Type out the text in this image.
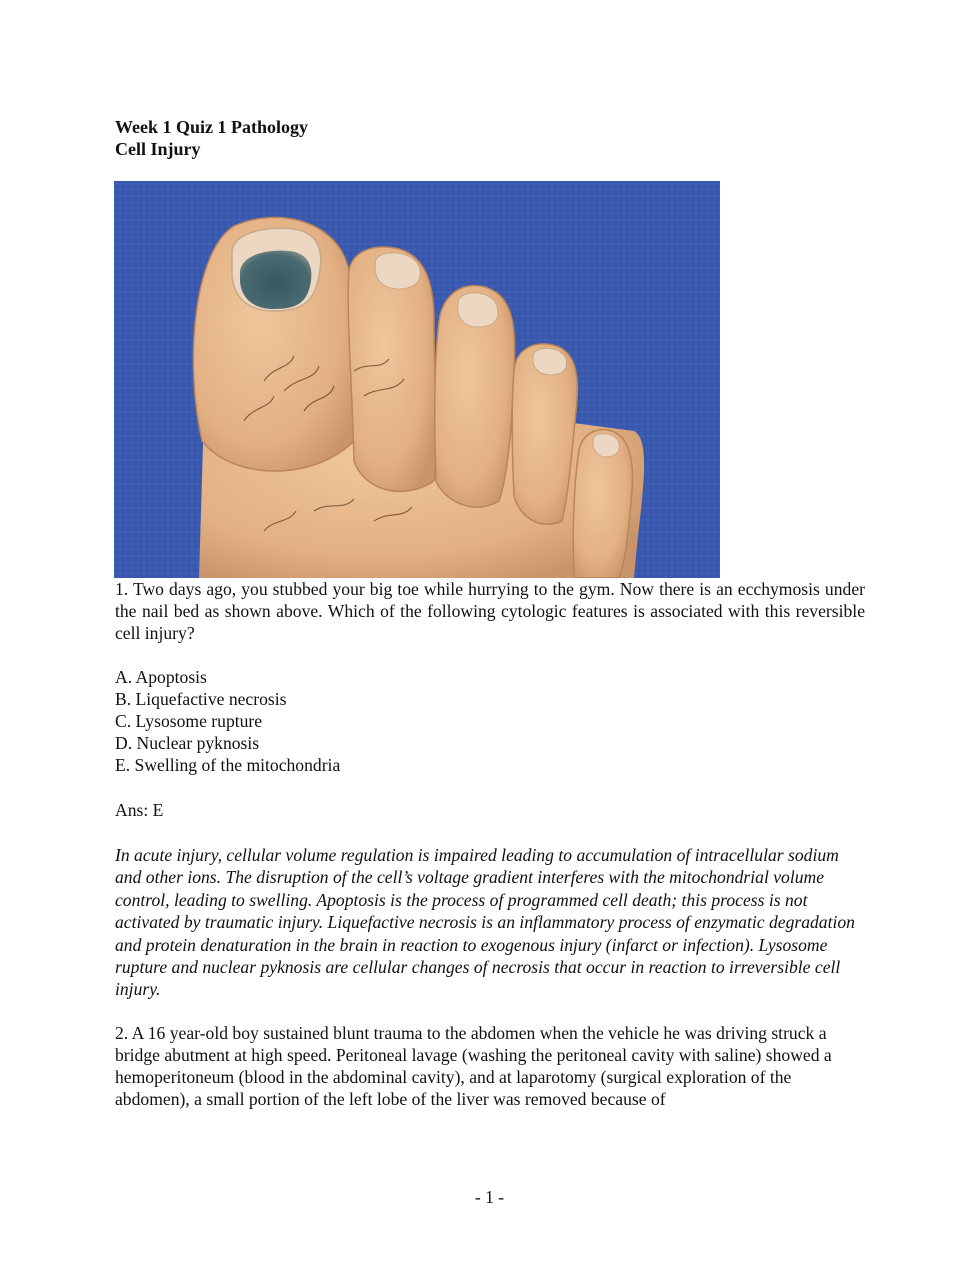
Week 1 Quiz 1 Pathology
Cell Injury
1. Two days ago, you stubbed your big toe while hurrying to the gym. Now there is an ecchymosis under the nail bed as shown above. Which of the following cytologic features is associated with this reversible cell injury?
A. Apoptosis
B. Liquefactive necrosis
C. Lysosome rupture
D. Nuclear pyknosis
E. Swelling of the mitochondria
Ans: E
In acute injury, cellular volume regulation is impaired leading to accumulation of intracellular sodium and other ions. The disruption of the cell’s voltage gradient interferes with the mitochondrial volume control, leading to swelling. Apoptosis is the process of programmed cell death; this process is not activated by traumatic injury. Liquefactive necrosis is an inflammatory process of enzymatic degradation and protein denaturation in the brain in reaction to exogenous injury (infarct or infection). Lysosome rupture and nuclear pyknosis are cellular changes of necrosis that occur in reaction to irreversible cell injury.
2. A 16 year-old boy sustained blunt trauma to the abdomen when the vehicle he was driving struck a bridge abutment at high speed. Peritoneal lavage (washing the peritoneal cavity with saline) showed a hemoperitoneum (blood in the abdominal cavity), and at laparotomy (surgical exploration of the abdomen), a small portion of the left lobe of the liver was removed because of
- 1 -
